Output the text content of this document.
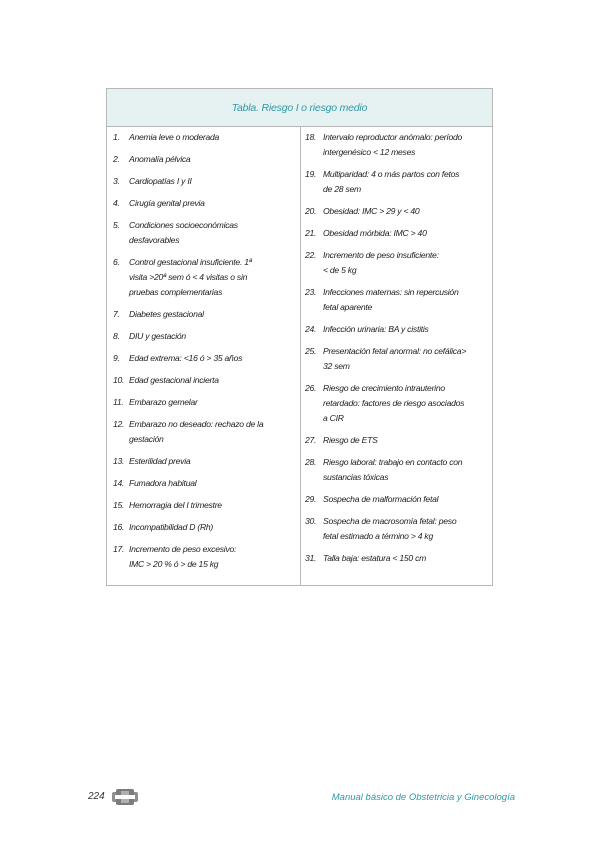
Tabla. Riesgo I o riesgo medio
1.	Anemia leve o moderada
2.	Anomalía pélvica
3.	Cardiopatías I y II
4.	Cirugía genital previa
5.	Condiciones socioeconómicas
desfavorables
6.	Control gestacional insuficiente. 1ª
visita >20ª sem ó < 4 visitas o sin
pruebas complementarias
7.	Diabetes gestacional
8.	DIU y gestación
9.	Edad extrema: <16 ó > 35 años
10. Edad gestacional incierta
11. Embarazo gemelar
12. Embarazo no deseado: rechazo de la
gestación
13. Esterilidad previa
14. Fumadora habitual
15. Hemorragia del I trimestre
16. Incompatibilidad D (Rh)
17. Incremento de peso excesivo:
IMC > 20 % ó > de 15 kg
18. Intervalo reproductor anómalo: período
intergenésico < 12 meses
19. Multiparidad: 4 o más partos con fetos
de 28 sem
20. Obesidad: IMC > 29 y < 40
21. Obesidad mórbida: IMC > 40
22. Incremento de peso insuficiente:
< de 5 kg
23. Infecciones maternas: sin repercusión
fetal aparente
24. Infección urinaria: BA y cistitis
25. Presentación fetal anormal: no cefálica>
32 sem
26. Riesgo de crecimiento intrauterino
retardado: factores de riesgo asociados
a CIR
27. Riesgo de ETS
28. Riesgo laboral: trabajo en contacto con
sustancias tóxicas
29. Sospecha de malformación fetal
30. Sospecha de macrosomía fetal: peso
fetal estimado a término > 4 kg
31. Talla baja: estatura < 150 cm
224	Manual básico de Obstetricia y Ginecología
